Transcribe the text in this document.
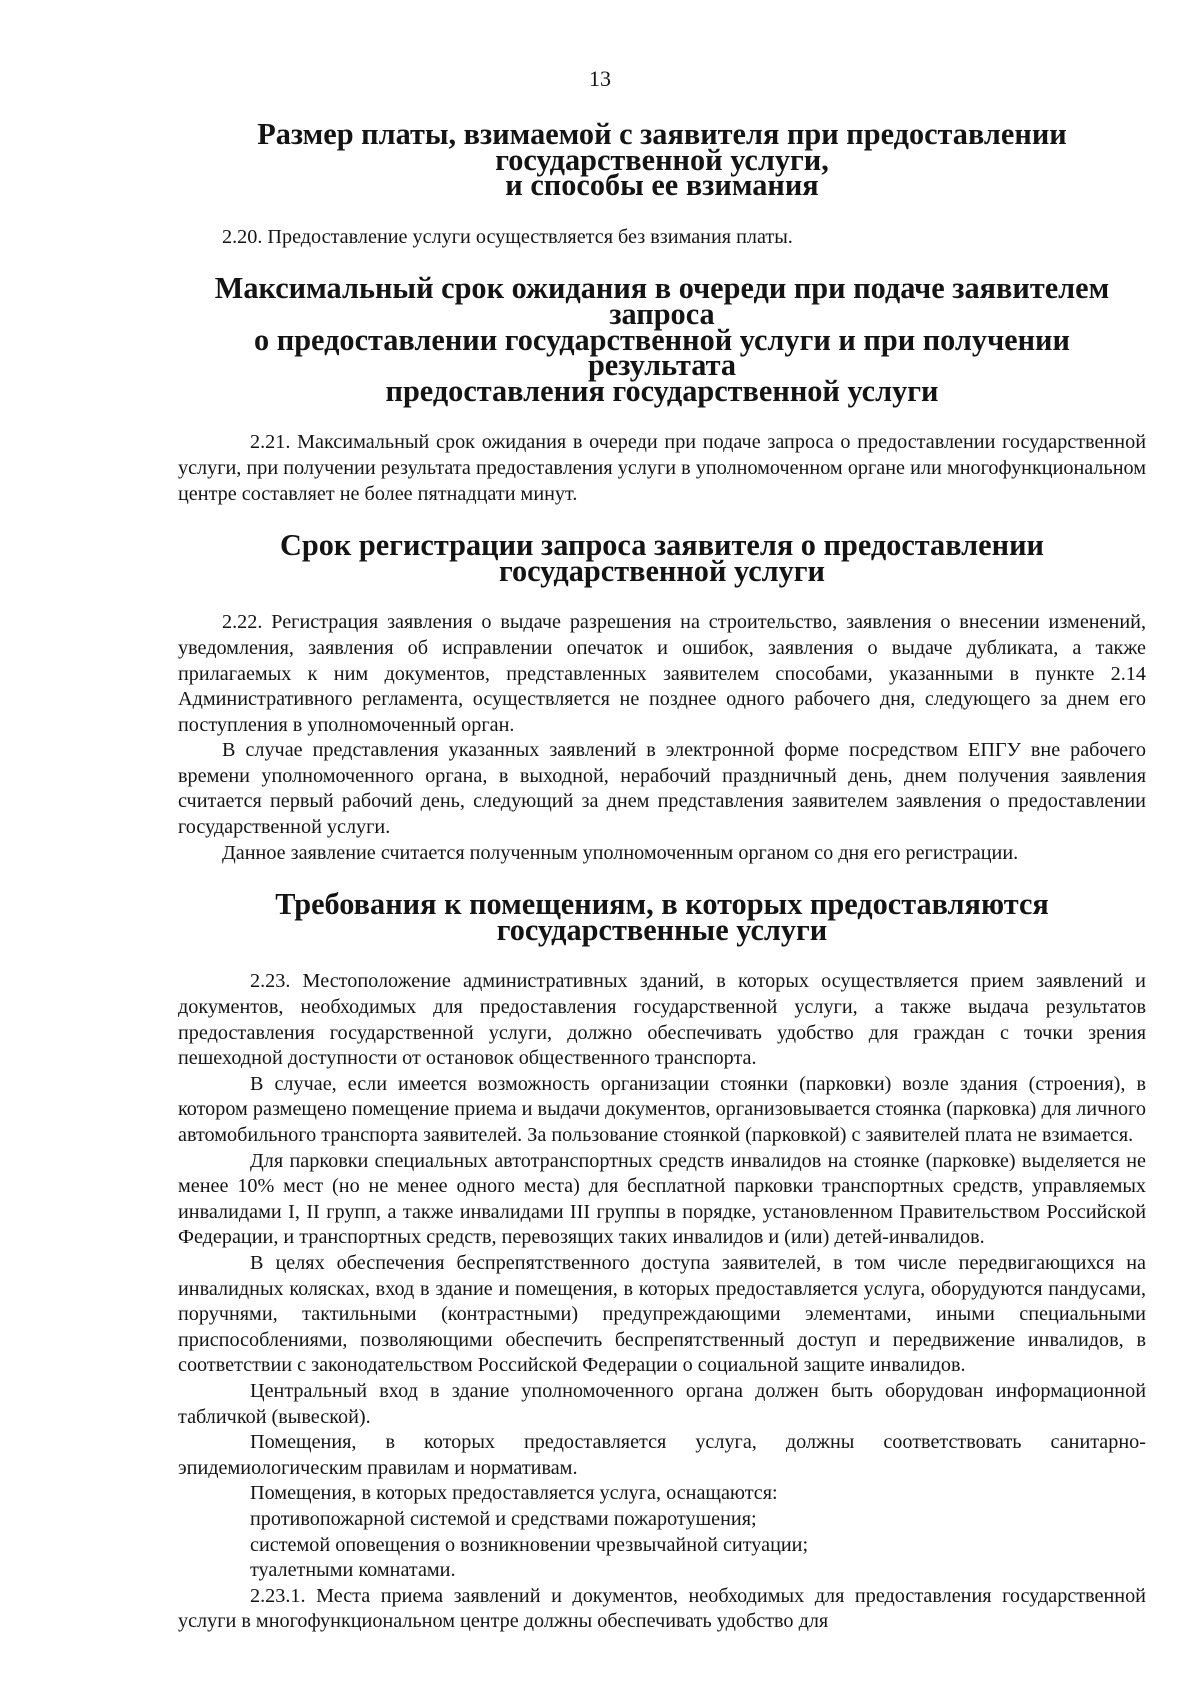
13
Размер платы, взимаемой с заявителя при предоставлении государственной услуги,
и способы ее взимания

2.20. Предоставление услуги осуществляется без взимания платы.

Максимальный срок ожидания в очереди при подаче заявителем запроса
о предоставлении государственной услуги и при получении результата
предоставления государственной услуги

2.21. Максимальный срок ожидания в очереди при подаче запроса о предоставлении государственной услуги, при получении результата предоставления услуги в уполномоченном органе или многофункциональном центре составляет не более пятнадцати минут.

Срок регистрации запроса заявителя о предоставлении государственной услуги

2.22. Регистрация заявления о выдаче разрешения на строительство, заявления о внесении изменений, уведомления, заявления об исправлении опечаток и ошибок, заявления о выдаче дубликата, а также прилагаемых к ним документов, представленных заявителем способами, указанными в пункте 2.14 Административного регламента, осуществляется не позднее одного рабочего дня, следующего за днем его поступления в уполномоченный орган.

В случае представления указанных заявлений в электронной форме посредством ЕПГУ вне рабочего времени уполномоченного органа, в выходной, нерабочий праздничный день, днем получения заявления считается первый рабочий день, следующий за днем представления заявителем заявления о предоставлении государственной услуги.

Данное заявление считается полученным уполномоченным органом со дня его регистрации.

Требования к помещениям, в которых предоставляются государственные услуги

2.23. Местоположение административных зданий, в которых осуществляется прием заявлений и документов, необходимых для предоставления государственной услуги, а также выдача результатов предоставления государственной услуги, должно обеспечивать удобство для граждан с точки зрения пешеходной доступности от остановок общественного транспорта.

В случае, если имеется возможность организации стоянки (парковки) возле здания (строения), в котором размещено помещение приема и выдачи документов, организовывается стоянка (парковка) для личного автомобильного транспорта заявителей. За пользование стоянкой (парковкой) с заявителей плата не взимается.

Для парковки специальных автотранспортных средств инвалидов на стоянке (парковке) выделяется не менее 10% мест (но не менее одного места) для бесплатной парковки транспортных средств, управляемых инвалидами I, II групп, а также инвалидами III группы в порядке, установленном Правительством Российской Федерации, и транспортных средств, перевозящих таких инвалидов и (или) детей-инвалидов.

В целях обеспечения беспрепятственного доступа заявителей, в том числе передвигающихся на инвалидных колясках, вход в здание и помещения, в которых предоставляется услуга, оборудуются пандусами, поручнями, тактильными (контрастными) предупреждающими элементами, иными специальными приспособлениями, позволяющими обеспечить беспрепятственный доступ и передвижение инвалидов, в соответствии с законодательством Российской Федерации о социальной защите инвалидов.

Центральный вход в здание уполномоченного органа должен быть оборудован информационной табличкой (вывеской).

Помещения, в которых предоставляется услуга, должны соответствовать санитарно-эпидемиологическим правилам и нормативам.

Помещения, в которых предоставляется услуга, оснащаются:

противопожарной системой и средствами пожаротушения;

системой оповещения о возникновении чрезвычайной ситуации;

туалетными комнатами.

2.23.1. Места приема заявлений и документов, необходимых для предоставления государственной услуги в многофункциональном центре должны обеспечивать удобство для
